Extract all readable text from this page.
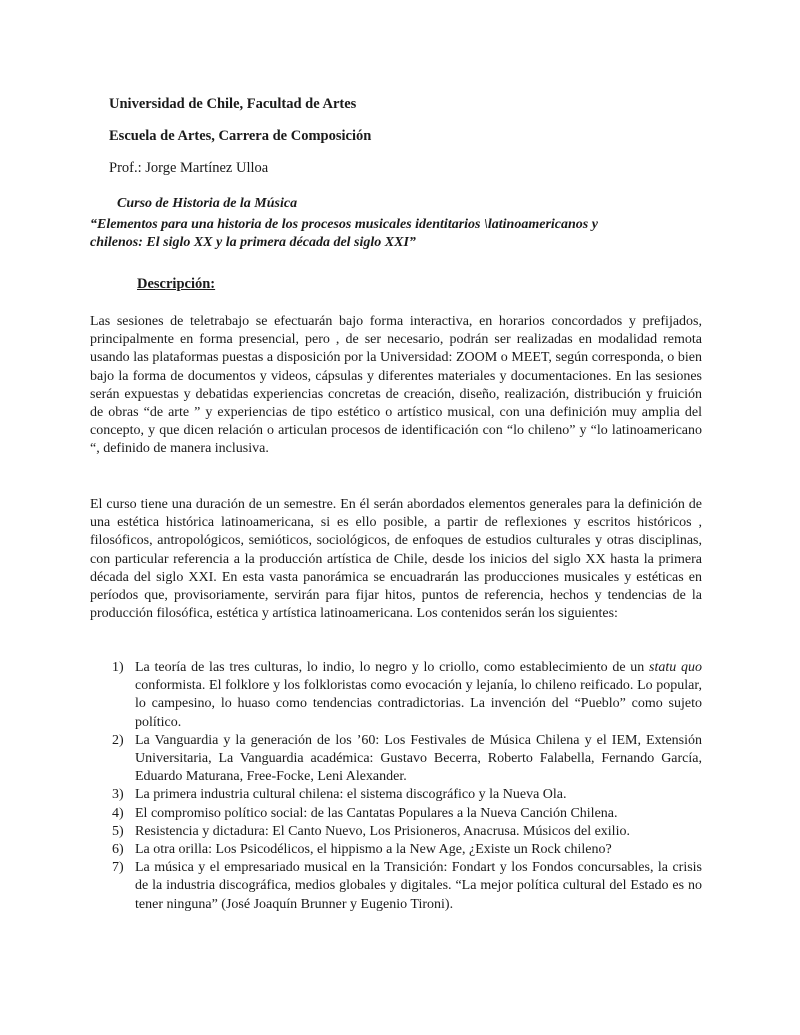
Universidad de Chile, Facultad de Artes
Escuela de Artes, Carrera de Composición
Prof.: Jorge Martínez Ulloa
Curso de Historia de la Música
“Elementos para una historia de los procesos musicales identitarios \latinoamericanos y chilenos: El siglo XX y la primera década del siglo XXI”
Descripción:

Las sesiones de teletrabajo se efectuarán bajo forma interactiva, en horarios concordados y prefijados, principalmente en forma presencial, pero , de ser necesario, podrán ser realizadas en modalidad remota usando las plataformas puestas a disposición por la Universidad: ZOOM o MEET, según corresponda, o bien bajo la forma de documentos y videos, cápsulas y diferentes materiales y documentaciones. En las sesiones serán expuestas y debatidas experiencias concretas de creación, diseño, realización, distribución y fruición de obras “de arte ” y experiencias de tipo estético o artístico musical, con una definición muy amplia del concepto, y que dicen relación o articulan procesos de identificación con “lo chileno” y “lo latinoamericano “, definido de manera inclusiva.

El curso tiene una duración de un semestre. En él serán abordados elementos generales para la definición de una estética histórica latinoamericana, si es ello posible, a partir de reflexiones y escritos históricos , filosóficos, antropológicos, semióticos, sociológicos, de enfoques de estudios culturales y otras disciplinas, con particular referencia a la producción artística de Chile, desde los inicios del siglo XX hasta la primera década del siglo XXI. En esta vasta panorámica se encuadrarán las producciones musicales y estéticas en períodos que, provisoriamente, servirán para fijar hitos, puntos de referencia, hechos y tendencias de la producción filosófica, estética y artística latinoamericana. Los contenidos serán los siguientes:

1) La teoría de las tres culturas, lo indio, lo negro y lo criollo, como establecimiento de un statu quo conformista. El folklore y los folkloristas como evocación y lejanía, lo chileno reificado. Lo popular, lo campesino, lo huaso como tendencias contradictorias. La invención del “Pueblo” como sujeto político.
2) La Vanguardia y la generación de los ’60: Los Festivales de Música Chilena y el IEM, Extensión Universitaria, La Vanguardia académica: Gustavo Becerra, Roberto Falabella, Fernando García, Eduardo Maturana, Free-Focke, Leni Alexander.
3) La primera industria cultural chilena: el sistema discográfico y la Nueva Ola.
4) El compromiso político social: de las Cantatas Populares a la Nueva Canción Chilena.
5) Resistencia y dictadura: El Canto Nuevo, Los Prisioneros, Anacrusa. Músicos del exilio.
6) La otra orilla: Los Psicodélicos, el hippismo a la New Age, ¿Existe un Rock chileno?
7) La música y el empresariado musical en la Transición: Fondart y los Fondos concursables, la crisis de la industria discográfica, medios globales y digitales. “La mejor política cultural del Estado es no tener ninguna” (José Joaquín Brunner y Eugenio Tironi).
